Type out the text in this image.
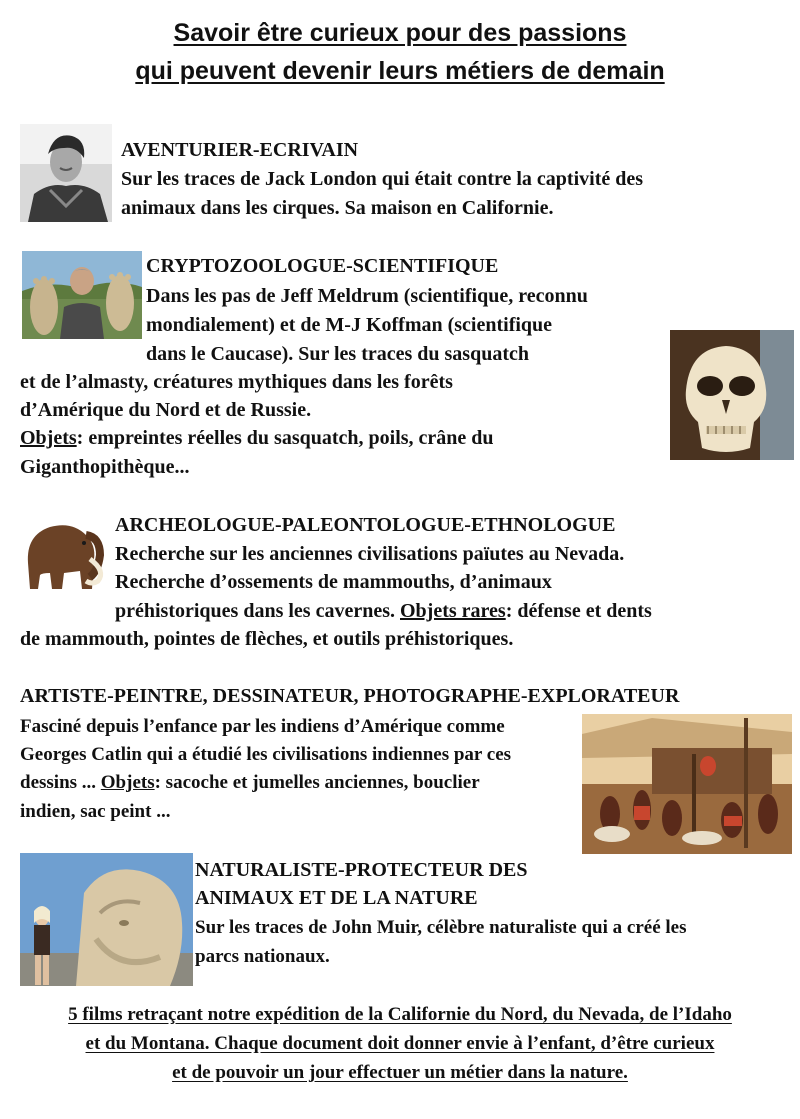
Savoir être curieux pour des passions
qui peuvent devenir leurs métiers de demain
AVENTURIER-ECRIVAIN
Sur les traces de Jack London qui était contre la captivité des
animaux dans les cirques. Sa maison en Californie.
CRYPTOZOOLOGUE-SCIENTIFIQUE
Dans les pas de Jeff Meldrum (scientifique, reconnu
mondialement) et de M-J Koffman (scientifique
dans le Caucase). Sur les traces du sasquatch
et de l’almasty, créatures mythiques dans les forêts
d’Amérique du Nord et de Russie.
Objets: empreintes réelles du sasquatch, poils, crâne du
Giganthopithèque...
ARCHEOLOGUE-PALEONTOLOGUE-ETHNOLOGUE
Recherche sur les anciennes civilisations païutes au Nevada.
Recherche d’ossements de mammouths, d’animaux
préhistoriques dans les cavernes. Objets rares: défense et dents
de mammouth, pointes de flèches, et outils préhistoriques.
ARTISTE-PEINTRE, DESSINATEUR, PHOTOGRAPHE-EXPLORATEUR
Fasciné depuis l’enfance par les indiens d’Amérique comme
Georges Catlin qui a étudié les civilisations indiennes par ces
dessins ... Objets: sacoche et jumelles anciennes, bouclier
indien, sac peint ...
NATURALISTE-PROTECTEUR DES
ANIMAUX ET DE LA NATURE
Sur les traces de John Muir, célèbre naturaliste qui a créé les
parcs nationaux.
5 films retraçant notre expédition de la Californie du Nord, du Nevada, de l’Idaho
et du Montana. Chaque document doit donner envie à l’enfant, d’être curieux
et de pouvoir un jour effectuer un métier dans la nature.
